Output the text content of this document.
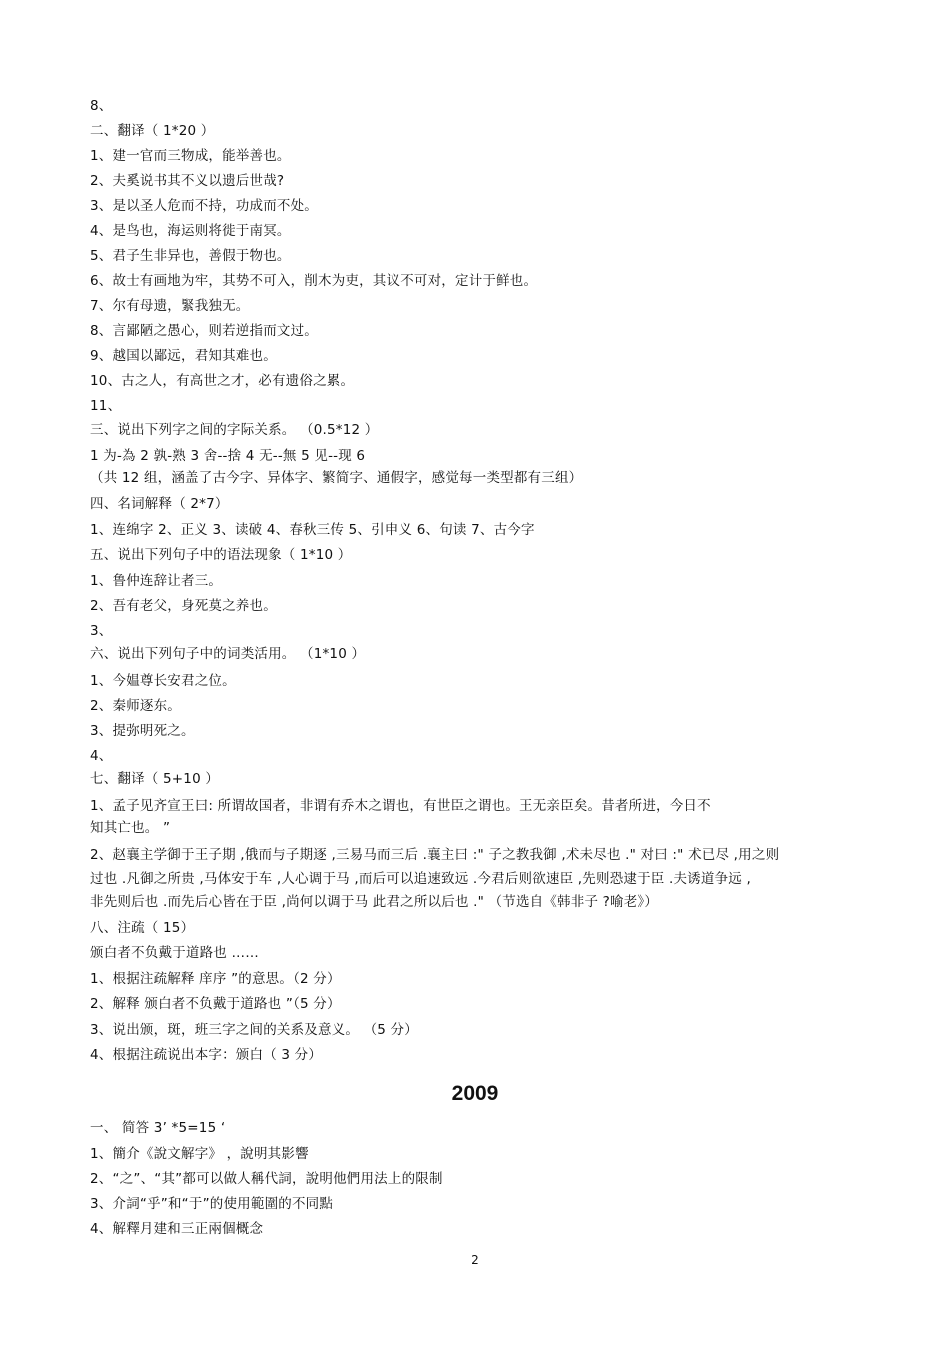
8、
二、翻译（ 1*20 ）
1、建一官而三物成，能举善也。
2、夫奚说书其不义以遗后世哉?
3、是以圣人危而不持，功成而不处。
4、是鸟也，海运则将徙于南冥。
5、君子生非异也，善假于物也。
6、故士有画地为牢，其势不可入，削木为吏，其议不可对，定计于鲜也。
7、尔有母遗，緊我独无。
8、言鄙陋之愚心，则若逆指而文过。
9、越国以鄙远，君知其难也。
10、古之人，有高世之才，必有遗俗之累。
11、
三、说出下列字之间的字际关系。 （0.5*12 ）
1 为-為 2 孰-熟 3 舍--捨 4 无--無 5 见--现 6
（共 12 组，涵盖了古今字、异体字、繁简字、通假字，感觉每一类型都有三组）
四、名词解释（ 2*7）
1、连绵字 2、正义 3、读破 4、春秋三传 5、引申义 6、句读 7、古今字
五、说出下列句子中的语法现象（ 1*10 ）
1、鲁仲连辞让者三。
2、吾有老父，身死莫之养也。
3、
六、说出下列句子中的词类活用。 （1*10 ）
1、今媪尊长安君之位。
2、秦师逐东。
3、提弥明死之。
4、
七、翻译（ 5+10 ）
1、孟子见齐宣王曰: 所谓故国者，非谓有乔木之谓也，有世臣之谓也。王无亲臣矣。昔者所进，今日不
知其亡也。 ”
2、赵襄主学御于王子期 ,俄而与子期逐 ,三易马而三后 .襄主曰 :" 子之教我御 ,术未尽也 ." 对曰 :" 术已尽 ,用之则
过也 .凡御之所贵 ,马体安于车 ,人心调于马 ,而后可以追速致远 .今君后则欲速臣 ,先则恐逮于臣 .夫诱道争远 ,
非先则后也 .而先后心皆在于臣 ,尚何以调于马 此君之所以后也 ." （节选自《韩非子 ?喻老》）
八、注疏（ 15）
颁白者不负戴于道路也 ……
1、根据注疏解释 庠序 ”的意思。（2 分）
2、解释 颁白者不负戴于道路也 ”（5 分）
3、说出颁，斑，班三字之间的关系及意义。 （5 分）
4、根据注疏说出本字：颁白（ 3 分）
2009
一、 简答 3’ *5=15 ‘
1、簡介《說文解字》 ，說明其影響
2、“之”、“其”都可以做人稱代詞，說明他們用法上的限制
3、介詞“乎”和“于”的使用範圍的不同點
4、解釋月建和三正兩個概念
2
